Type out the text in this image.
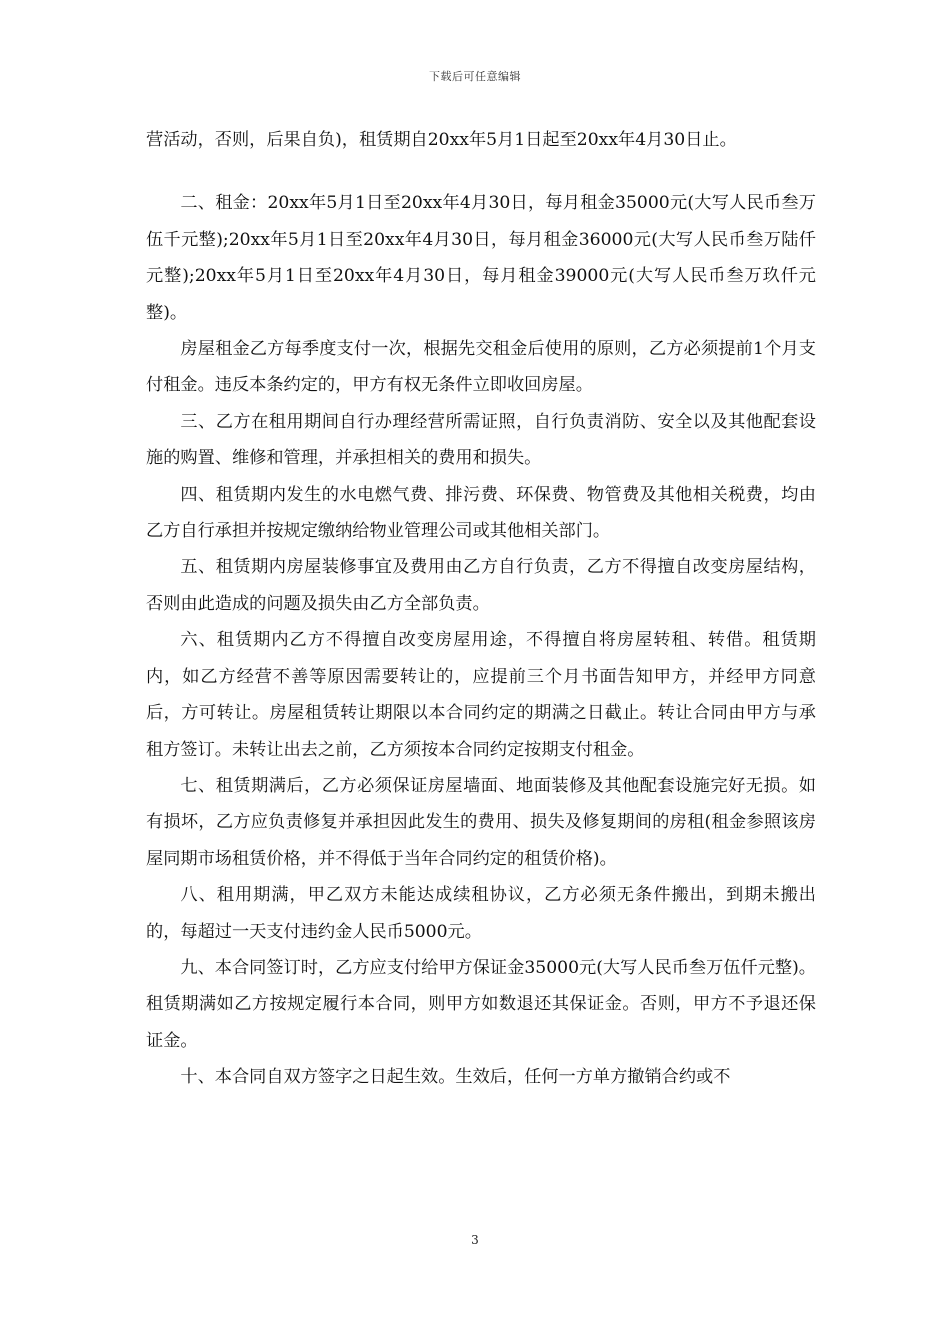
下载后可任意编辑

营活动，否则，后果自负)，租赁期自20xx年5月1日起至20xx年4月30日止。

二、租金：20xx年5月1日至20xx年4月30日，每月租金35000元(大写人民币叁万伍千元整);20xx年5月1日至20xx年4月30日，每月租金36000元(大写人民币叁万陆仟元整);20xx年5月1日至20xx年4月30日，每月租金39000元(大写人民币叁万玖仟元整)。

房屋租金乙方每季度支付一次，根据先交租金后使用的原则，乙方必须提前1个月支付租金。违反本条约定的，甲方有权无条件立即收回房屋。

三、乙方在租用期间自行办理经营所需证照，自行负责消防、安全以及其他配套设施的购置、维修和管理，并承担相关的费用和损失。

四、租赁期内发生的水电燃气费、排污费、环保费、物管费及其他相关税费，均由乙方自行承担并按规定缴纳给物业管理公司或其他相关部门。

五、租赁期内房屋装修事宜及费用由乙方自行负责，乙方不得擅自改变房屋结构，否则由此造成的问题及损失由乙方全部负责。

六、租赁期内乙方不得擅自改变房屋用途，不得擅自将房屋转租、转借。租赁期内，如乙方经营不善等原因需要转让的，应提前三个月书面告知甲方，并经甲方同意后，方可转让。房屋租赁转让期限以本合同约定的期满之日截止。转让合同由甲方与承租方签订。未转让出去之前，乙方须按本合同约定按期支付租金。

七、租赁期满后，乙方必须保证房屋墙面、地面装修及其他配套设施完好无损。如有损坏，乙方应负责修复并承担因此发生的费用、损失及修复期间的房租(租金参照该房屋同期市场租赁价格，并不得低于当年合同约定的租赁价格)。

八、租用期满，甲乙双方未能达成续租协议，乙方必须无条件搬出，到期未搬出的，每超过一天支付违约金人民币5000元。

九、本合同签订时，乙方应支付给甲方保证金35000元(大写人民币叁万伍仟元整)。租赁期满如乙方按规定履行本合同，则甲方如数退还其保证金。否则，甲方不予退还保证金。

十、本合同自双方签字之日起生效。生效后，任何一方单方撤销合约或不

3
